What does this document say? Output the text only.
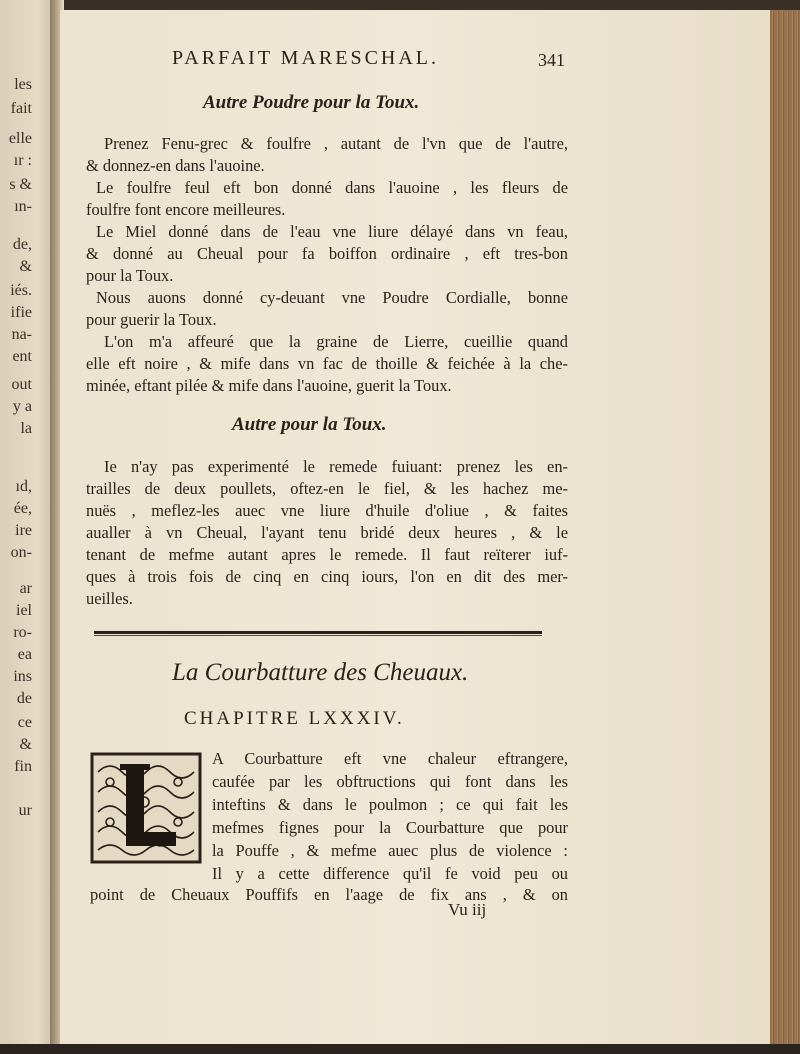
les
fait
elle
ır :
s &
ın-
de,
&
iés.
ifie
na-
ent
out
y a
la
ıd,
ée,
ire
on-
ar
iel
ro-
ea
ins
de
ce
&
fin
ur
PARFAIT MARESCHAL.	341
Autre Poudre pour la Toux.
Prenez Fenu-grec & foulfre , autant de l'vn que de l'autre,
& donnez-en dans l'auoine.
Le foulfre feul eft bon donné dans l'auoine , les fleurs de
foulfre font encore meilleures.
Le Miel donné dans de l'eau vne liure délayé dans vn feau,
& donné au Cheual pour fa boiffon ordinaire , eft tres-bon
pour la Toux.
Nous auons donné cy-deuant vne Poudre Cordialle, bonne
pour guerir la Toux.
L'on m'a affeuré que la graine de Lierre, cueillie quand
elle eft noire , & mife dans vn fac de thoille & feichée à la che-
minée, eftant pilée & mife dans l'auoine, guerit la Toux.
Autre pour la Toux.
Ie n'ay pas experimenté le remede fuiuant: prenez les en-
trailles de deux poullets, oftez-en le fiel, & les hachez me-
nuës , meflez-les auec vne liure d'huile d'oliue , & faites
aualler à vn Cheual, l'ayant tenu bridé deux heures , & le
tenant de mefme autant apres le remede. Il faut reïterer iuf-
ques à trois fois de cinq en cinq iours, l'on en dit des mer-
ueilles.
La Courbatture des Cheuaux.
CHAPITRE LXXXIV.
L	A Courbatture eft vne chaleur eftrangere,
caufée par les obftructions qui font dans les
inteftins & dans le poulmon ; ce qui fait les
mefmes fignes pour la Courbatture que pour
la Pouffe , & mefme auec plus de violence :
Il y a cette difference qu'il fe void peu ou
point de Cheuaux Pouffifs en l'aage de fix ans , & on
Vu iij
